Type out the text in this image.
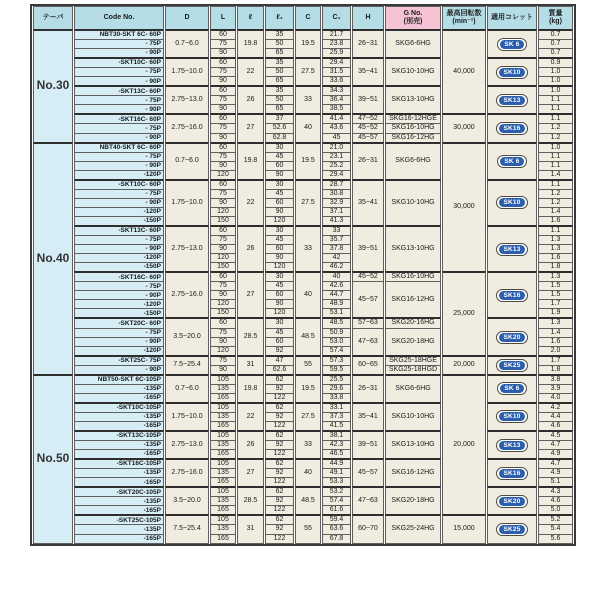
テーパ	Code No.	D	L	ℓ	ℓ₁	C	C₁	H	
G No.
(別売)

最高回転数
(min⁻¹)
	適用コレット	
質量
(kg)

No.30	NBT30-SKT 6C- 60P	0.7~6.0	60	19.8	35	19.5	21.7	26~31	SKG6-6HG	40,000	SK 6	0.7
	- 75P		75		50		23.8					0.7
	- 90P		90		65		25.9					0.7
	-SKT10C- 60P	1.75~10.0	60	22	35	27.5	29.4	35~41	SKG10-10HG		SK10	0.9
	- 75P		75		50		31.5					1.0
	- 90P		90		65		33.6					1.0
	-SKT13C- 60P	2.75~13.0	60	26	35	33	34.3	39~51	SKG13-10HG		SK13	1.0
	- 75P		75		50		36.4					1.1
	- 90P		90		65		38.5					1.1
	-SKT16C- 60P	2.75~16.0	60	27	37	40	41.4	47~52	SKG16-12HGE	30,000	SK16	1.1
	- 75P		75		52.6		43.6	45~52	SKG16-10HG			1.2
	- 90P		90		62.8		45	45~57	SKG16-12HG			1.2
No.40	NBT40-SKT 6C- 60P	0.7~6.0	60	19.8	30	19.5	21.0	26~31	SKG6-6HG	30,000	SK 6	1.0
	- 75P		75		45		23.1					1.1
	- 90P		90		60		25.2					1.1
	-120P		120		90		29.4					1.4
	-SKT10C- 60P	1.75~10.0	60	22	30	27.5	28.7	35~41	SKG10-10HG		SK10	1.1
	- 75P		75		45		30.8					1.2
	- 90P		90		60		32.9					1.2
	-120P		120		90		37.1					1.4
	-150P		150		120		41.3					1.6
	-SKT13C- 60P	2.75~13.0	60	26	30	33	33	39~51	SKG13-10HG		SK13	1.1
	- 75P		75		45		35.7					1.3
	- 90P		90		60		37.8					1.3
	-120P		120		90		42					1.6
	-150P		150		120		46.2					1.8
	-SKT16C- 60P	2.75~16.0	60	27	30	40	40	45~52	SKG16-10HG	25,000	SK16	1.3
	- 75P		75		45		42.6	45~57	SKG16-12HG			1.5
	- 90P		90		60		44.7					1.5
	-120P		120		90		48.9					1.7
	-150P		150		120		53.1					1.9
	-SKT20C- 60P	3.5~20.0	60	28.5	30	48.5	48.5	57~63	SKG20-16HG		SK20	1.3
	- 75P		75		45		50.9	47~63	SKG20-18HG			1.4
	- 90P		90		60		53.0					1.6
	-120P		120		92		57.4					2.0
	-SKT25C- 75P	7.5~25.4	75	31	47	55	57.3	60~65	SKG25-18HGE	20,000	SK25	1.7
	- 90P		90		62.6		59.5		SKG25-18HGD			1.8
No.50	NBT50-SKT 6C-105P	0.7~6.0	105	19.8	62	19.5	25.5	26~31	SKG6-6HG	20,000	SK 6	3.8
	-135P		135		92		29.6					3.9
	-165P		165		122		33.8					4.0
	-SKT10C-105P	1.75~10.0	105	22	62	27.5	33.1	35~41	SKG10-10HG		SK10	4.2
	-135P		135		92		37.3					4.4
	-165P		165		122		41.5					4.6
	-SKT13C-105P	2.75~13.0	105	26	62	33	38.1	39~51	SKG13-10HG		SK13	4.5
	-135P		135		92		42.3					4.7
	-165P		165		122		46.5					4.9
	-SKT16C-105P	2.75~16.0	105	27	62	40	44.9	45~57	SKG16-12HG		SK16	4.7
	-135P		135		92		49.1					4.9
	-165P		165		122		53.3					5.1
	-SKT20C-105P	3.5~20.0	105	28.5	62	48.5	53.2	47~63	SKG20-18HG		SK20	4.3
	-135P		135		92		57.4					4.6
	-165P		165		122		61.6					5.0
	-SKT25C-105P	7.5~25.4	105	31	62	55	59.4	60~70	SKG25-24HG	15,000	SK25	5.2
	-135P		135		92		63.6					5.4
	-165P		165		122		67.8					5.6
